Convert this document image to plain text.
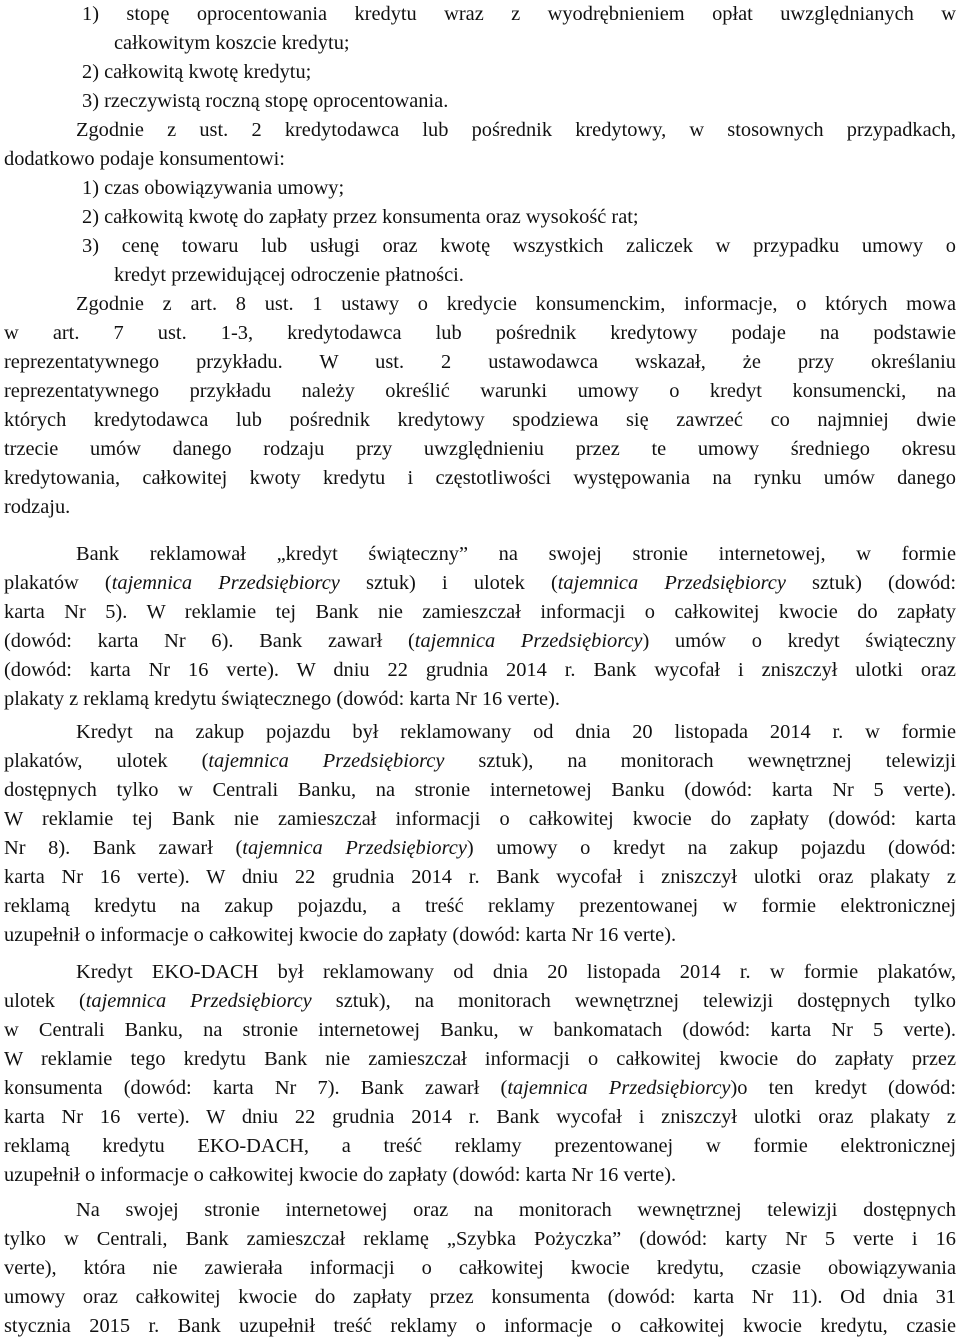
1) stopę oprocentowania kredytu wraz z wyodrębnieniem opłat uwzględnianych w

całkowitym koszcie kredytu;

2) całkowitą kwotę kredytu;

3) rzeczywistą roczną stopę oprocentowania.

Zgodnie z ust. 2 kredytodawca lub pośrednik kredytowy, w stosownych przypadkach,

dodatkowo podaje konsumentowi:

1) czas obowiązywania umowy;

2) całkowitą kwotę do zapłaty przez konsumenta oraz wysokość rat;

3) cenę towaru lub usługi oraz kwotę wszystkich zaliczek w przypadku umowy o

kredyt przewidującej odroczenie płatności.

Zgodnie z art. 8 ust. 1 ustawy o kredycie konsumenckim, informacje, o których mowa

w art. 7 ust. 1-3, kredytodawca lub pośrednik kredytowy podaje na podstawie

reprezentatywnego przykładu. W ust. 2 ustawodawca wskazał, że przy określaniu

reprezentatywnego przykładu należy określić warunki umowy o kredyt konsumencki, na

których kredytodawca lub pośrednik kredytowy spodziewa się zawrzeć co najmniej dwie

trzecie umów danego rodzaju przy uwzględnieniu przez te umowy średniego okresu

kredytowania, całkowitej kwoty kredytu i częstotliwości występowania na rynku umów danego

rodzaju.

Bank reklamował „kredyt świąteczny” na swojej stronie internetowej, w formie

plakatów (tajemnica Przedsiębiorcy sztuk) i ulotek (tajemnica Przedsiębiorcy sztuk) (dowód:

karta Nr 5). W reklamie tej Bank nie zamieszczał informacji o całkowitej kwocie do zapłaty

(dowód: karta Nr 6). Bank zawarł (tajemnica Przedsiębiorcy) umów o kredyt świąteczny

(dowód: karta Nr 16 verte). W dniu 22 grudnia 2014 r. Bank wycofał i zniszczył ulotki oraz

plakaty z reklamą kredytu świątecznego (dowód: karta Nr 16 verte).

Kredyt na zakup pojazdu był reklamowany od dnia 20 listopada 2014 r. w formie

plakatów, ulotek (tajemnica Przedsiębiorcy sztuk), na monitorach wewnętrznej telewizji

dostępnych tylko w Centrali Banku, na stronie internetowej Banku (dowód: karta Nr 5 verte).

W reklamie tej Bank nie zamieszczał informacji o całkowitej kwocie do zapłaty (dowód: karta

Nr 8). Bank zawarł (tajemnica Przedsiębiorcy) umowy o kredyt na zakup pojazdu (dowód:

karta Nr 16 verte). W dniu 22 grudnia 2014 r. Bank wycofał i zniszczył ulotki oraz plakaty z

reklamą kredytu na zakup pojazdu, a treść reklamy prezentowanej w formie elektronicznej

uzupełnił o informacje o całkowitej kwocie do zapłaty (dowód: karta Nr 16 verte).

Kredyt EKO-DACH był reklamowany od dnia 20 listopada 2014 r. w formie plakatów,

ulotek (tajemnica Przedsiębiorcy sztuk), na monitorach wewnętrznej telewizji dostępnych tylko

w Centrali Banku, na stronie internetowej Banku, w bankomatach (dowód: karta Nr 5 verte).

W reklamie tego kredytu Bank nie zamieszczał informacji o całkowitej kwocie do zapłaty przez

konsumenta (dowód: karta Nr 7). Bank zawarł (tajemnica Przedsiębiorcy)o ten kredyt (dowód:

karta Nr 16 verte). W dniu 22 grudnia 2014 r. Bank wycofał i zniszczył ulotki oraz plakaty z

reklamą kredytu EKO-DACH, a treść reklamy prezentowanej w formie elektronicznej

uzupełnił o informacje o całkowitej kwocie do zapłaty (dowód: karta Nr 16 verte).

Na swojej stronie internetowej oraz na monitorach wewnętrznej telewizji dostępnych

tylko w Centrali, Bank zamieszczał reklamę „Szybka Pożyczka” (dowód: karty Nr 5 verte i 16

verte), która nie zawierała informacji o całkowitej kwocie kredytu, czasie obowiązywania

umowy oraz całkowitej kwocie do zapłaty przez konsumenta (dowód: karta Nr 11). Od dnia 31

stycznia 2015 r. Bank uzupełnił treść reklamy o informacje o całkowitej kwocie kredytu, czasie
